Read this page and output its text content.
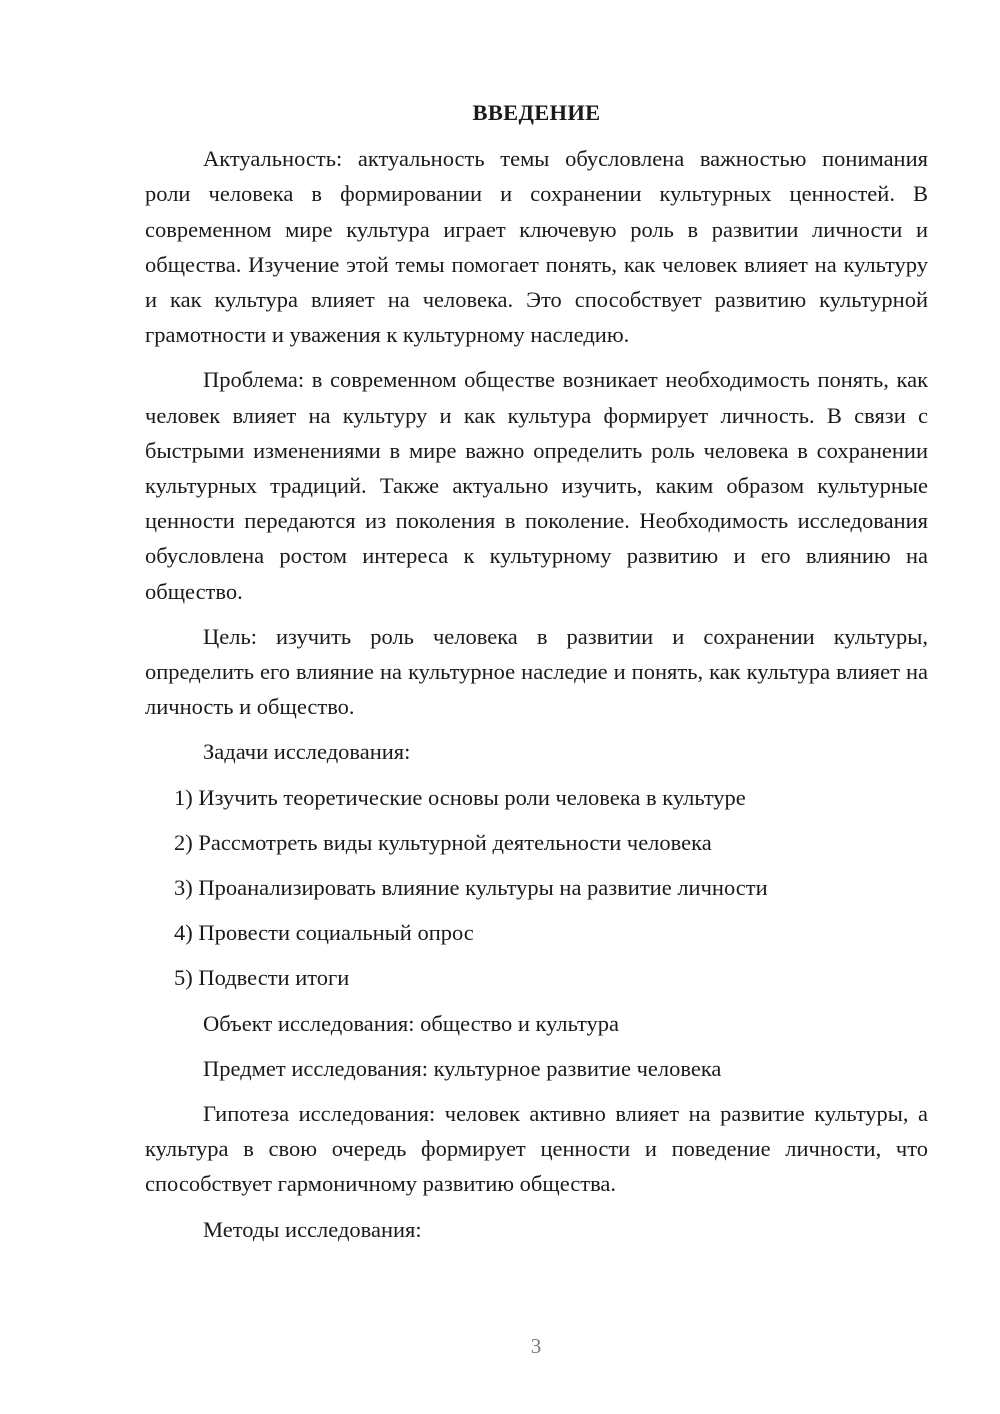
ВВЕДЕНИЕ
Актуальность: актуальность темы обусловлена важностью понимания роли человека в формировании и сохранении культурных ценностей. В современном мире культура играет ключевую роль в развитии личности и общества. Изучение этой темы помогает понять, как человек влияет на культуру и как культура влияет на человека. Это способствует развитию культурной грамотности и уважения к культурному наследию.
Проблема: в современном обществе возникает необходимость понять, как человек влияет на культуру и как культура формирует личность. В связи с быстрыми изменениями в мире важно определить роль человека в сохранении культурных традиций. Также актуально изучить, каким образом культурные ценности передаются из поколения в поколение. Необходимость исследования обусловлена ростом интереса к культурному развитию и его влиянию на общество.
Цель: изучить роль человека в развитии и сохранении культуры, определить его влияние на культурное наследие и понять, как культура влияет на личность и общество.
Задачи исследования:
1) Изучить теоретические основы роли человека в культуре
2) Рассмотреть виды культурной деятельности человека
3) Проанализировать влияние культуры на развитие личности
4) Провести социальный опрос
5) Подвести итоги
Объект исследования: общество и культура
Предмет исследования: культурное развитие человека
Гипотеза исследования: человек активно влияет на развитие культуры, а культура в свою очередь формирует ценности и поведение личности, что способствует гармоничному развитию общества.
Методы исследования:
3
